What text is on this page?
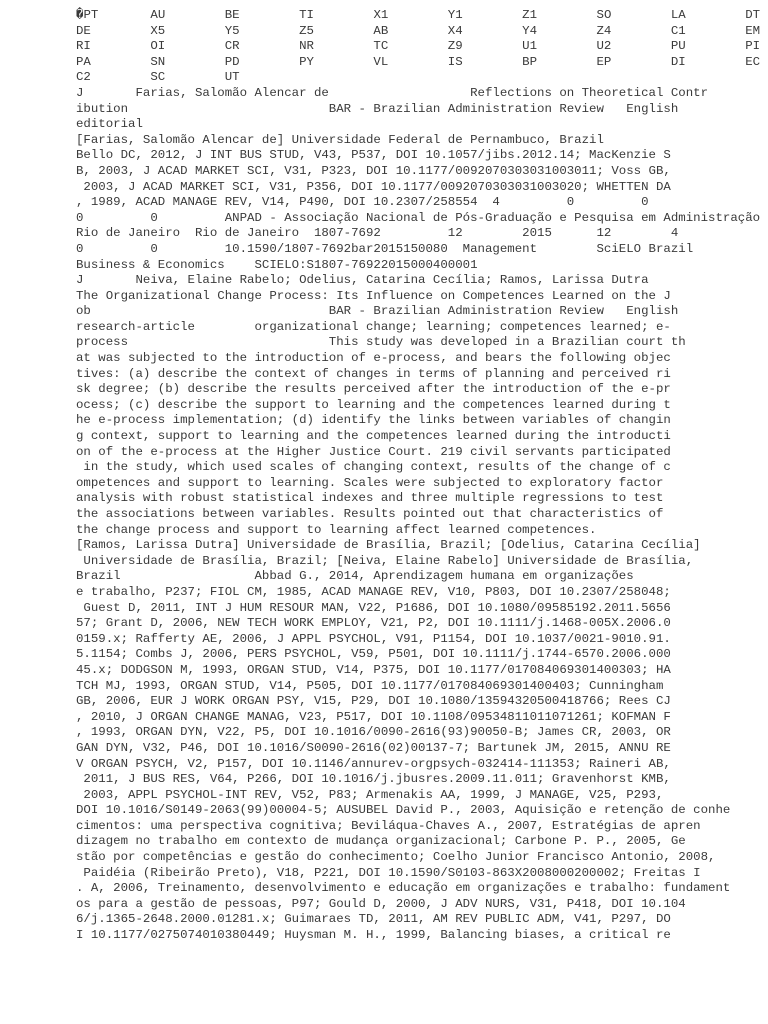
�PT       AU        BE        TI        X1        Y1        Z1        SO        LA        DT
DE        X5        Y5        Z5        AB        X4        Y4        Z4        C1        EM
RI        OI        CR        NR        TC        Z9        U1        U2        PU        PI
PA        SN        PD        PY        VL        IS        BP        EP        DI        EC
C2        SC        UT
J       Farias, Salomão Alencar de                   Reflections on Theoretical Contr
ibution                           BAR - Brazilian Administration Review   English
editorial
[Farias, Salomão Alencar de] Universidade Federal de Pernambuco, Brazil
Bello DC, 2012, J INT BUS STUD, V43, P537, DOI 10.1057/jibs.2012.14; MacKenzie S
B, 2003, J ACAD MARKET SCI, V31, P323, DOI 10.1177/0092070303031003011; Voss GB,
2003, J ACAD MARKET SCI, V31, P356, DOI 10.1177/0092070303031003020; WHETTEN DA
, 1989, ACAD MANAGE REV, V14, P490, DOI 10.2307/258554  4         0         0
0         0         ANPAD - Associação Nacional de Pós-Graduação e Pesquisa em Administração
Rio de Janeiro  Rio de Janeiro  1807-7692         12        2015      12        4
0         0         10.1590/1807-7692bar2015150080  Management        SciELO Brazil
Business & Economics    SCIELO:S1807-76922015000400001
J       Neiva, Elaine Rabelo; Odelius, Catarina Cecília; Ramos, Larissa Dutra
The Organizational Change Process: Its Influence on Competences Learned on the J
ob                                BAR - Brazilian Administration Review   English
research-article        organizational change; learning; competences learned; e-
process                           This study was developed in a Brazilian court th
at was subjected to the introduction of e-process, and bears the following objec
tives: (a) describe the context of changes in terms of planning and perceived ri
sk degree; (b) describe the results perceived after the introduction of the e-pr
ocess; (c) describe the support to learning and the competences learned during t
he e-process implementation; (d) identify the links between variables of changin
g context, support to learning and the competences learned during the introducti
on of the e-process at the Higher Justice Court. 219 civil servants participated
in the study, which used scales of changing context, results of the change of c
ompetences and support to learning. Scales were subjected to exploratory factor
analysis with robust statistical indexes and three multiple regressions to test
the associations between variables. Results pointed out that characteristics of
the change process and support to learning affect learned competences.
[Ramos, Larissa Dutra] Universidade de Brasília, Brazil; [Odelius, Catarina Cecília]
Universidade de Brasília, Brazil; [Neiva, Elaine Rabelo] Universidade de Brasília,
Brazil                  Abbad G., 2014, Aprendizagem humana em organizações
e trabalho, P237; FIOL CM, 1985, ACAD MANAGE REV, V10, P803, DOI 10.2307/258048;
Guest D, 2011, INT J HUM RESOUR MAN, V22, P1686, DOI 10.1080/09585192.2011.5656
57; Grant D, 2006, NEW TECH WORK EMPLOY, V21, P2, DOI 10.1111/j.1468-005X.2006.0
0159.x; Rafferty AE, 2006, J APPL PSYCHOL, V91, P1154, DOI 10.1037/0021-9010.91.
5.1154; Combs J, 2006, PERS PSYCHOL, V59, P501, DOI 10.1111/j.1744-6570.2006.000
45.x; DODGSON M, 1993, ORGAN STUD, V14, P375, DOI 10.1177/017084069301400303; HA
TCH MJ, 1993, ORGAN STUD, V14, P505, DOI 10.1177/017084069301400403; Cunningham
GB, 2006, EUR J WORK ORGAN PSY, V15, P29, DOI 10.1080/13594320500418766; Rees CJ
, 2010, J ORGAN CHANGE MANAG, V23, P517, DOI 10.1108/09534811011071261; KOFMAN F
, 1993, ORGAN DYN, V22, P5, DOI 10.1016/0090-2616(93)90050-B; James CR, 2003, OR
GAN DYN, V32, P46, DOI 10.1016/S0090-2616(02)00137-7; Bartunek JM, 2015, ANNU RE
V ORGAN PSYCH, V2, P157, DOI 10.1146/annurev-orgpsych-032414-111353; Raineri AB,
2011, J BUS RES, V64, P266, DOI 10.1016/j.jbusres.2009.11.011; Gravenhorst KMB,
2003, APPL PSYCHOL-INT REV, V52, P83; Armenakis AA, 1999, J MANAGE, V25, P293,
DOI 10.1016/S0149-2063(99)00004-5; AUSUBEL David P., 2003, Aquisição e retenção de conhe
cimentos: uma perspectiva cognitiva; Beviláqua-Chaves A., 2007, Estratégias de apren
dizagem no trabalho em contexto de mudança organizacional; Carbone P. P., 2005, Ge
stão por competências e gestão do conhecimento; Coelho Junior Francisco Antonio, 2008,
Paidéia (Ribeirão Preto), V18, P221, DOI 10.1590/S0103-863X2008000200002; Freitas I
. A, 2006, Treinamento, desenvolvimento e educação em organizações e trabalho: fundament
os para a gestão de pessoas, P97; Gould D, 2000, J ADV NURS, V31, P418, DOI 10.104
6/j.1365-2648.2000.01281.x; Guimaraes TD, 2011, AM REV PUBLIC ADM, V41, P297, DO
I 10.1177/0275074010380449; Huysman M. H., 1999, Balancing biases, a critical re
